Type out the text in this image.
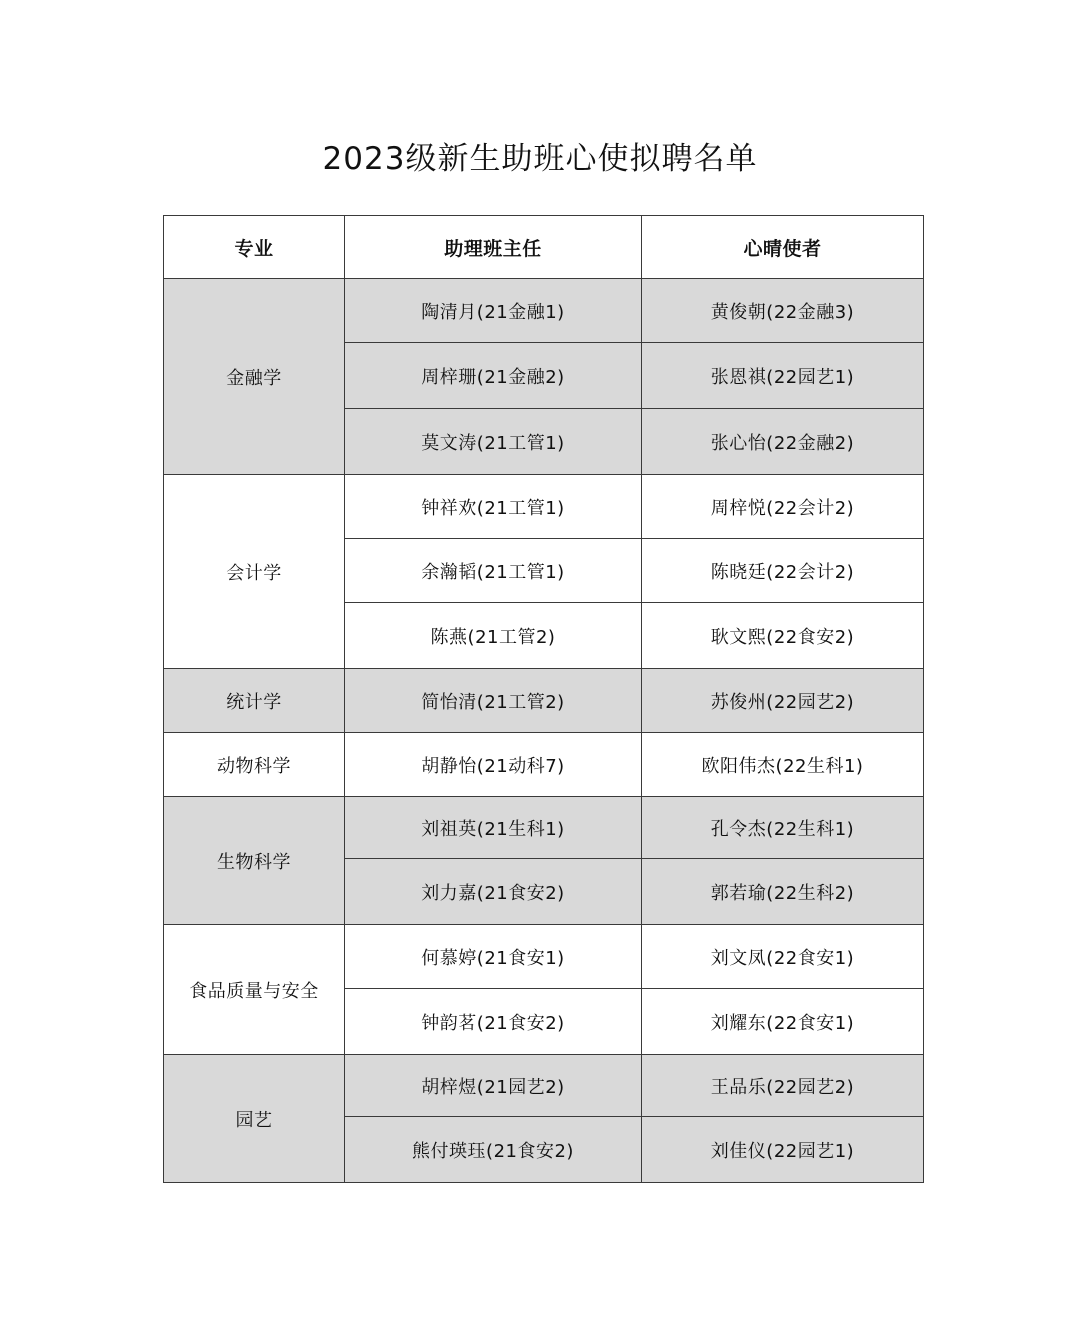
2023级新生助班心使拟聘名单
专业	助理班主任	心晴使者
金融学	陶清月(21金融1)	黄俊朝(22金融3)
	周梓珊(21金融2)	张恩祺(22园艺1)
	莫文涛(21工管1)	张心怡(22金融2)
会计学	钟祥欢(21工管1)	周梓悦(22会计2)
	余瀚韬(21工管1)	陈晓廷(22会计2)
	陈燕(21工管2)	耿文熙(22食安2)
统计学	简怡清(21工管2)	苏俊州(22园艺2)
动物科学	胡静怡(21动科7)	欧阳伟杰(22生科1)
生物科学	刘祖英(21生科1)	孔令杰(22生科1)
	刘力嘉(21食安2)	郭若瑜(22生科2)
食品质量与安全	何慕婷(21食安1)	刘文凤(22食安1)
	钟韵茗(21食安2)	刘耀东(22食安1)
园艺	胡梓煜(21园艺2)	王品乐(22园艺2)
	熊付瑛珏(21食安2)	刘佳仪(22园艺1)
